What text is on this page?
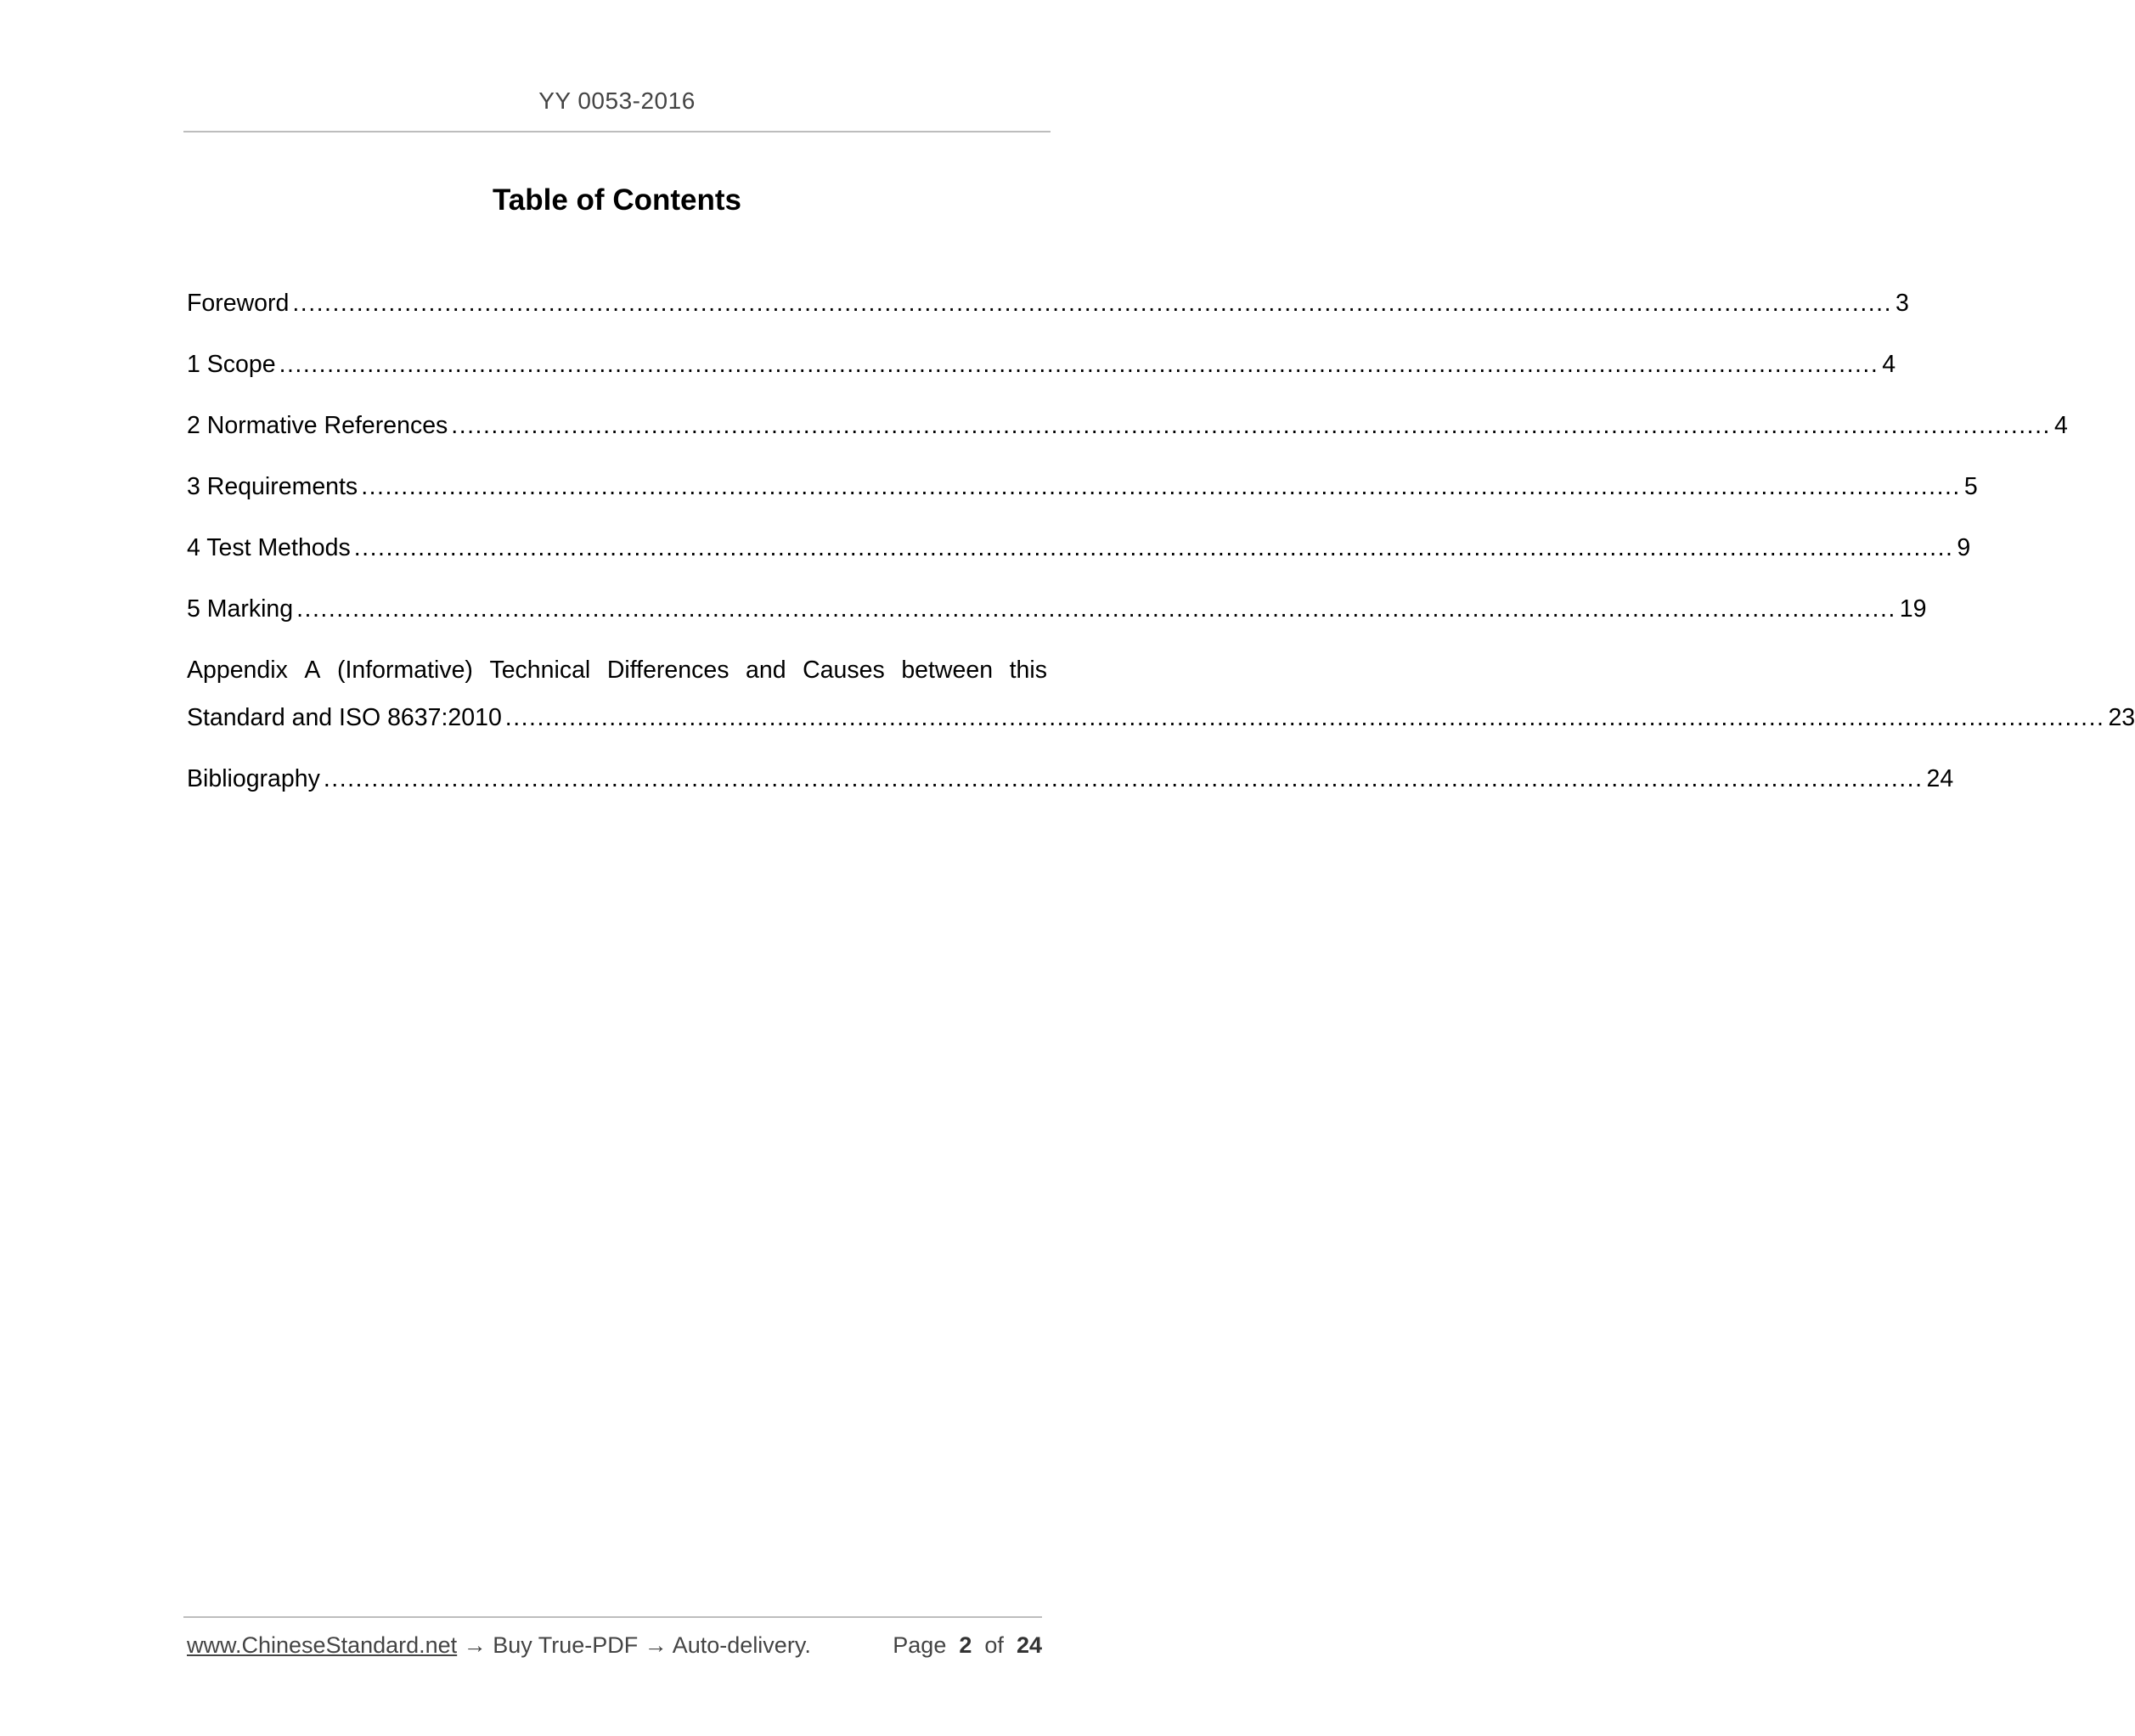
YY 0053-2016
Table of Contents
Foreword ........................................................................................................................................................................................................ 3
1 Scope ........................................................................................................................................................................................................ 4
2 Normative References ........................................................................................................................................................................................................ 4
3 Requirements ........................................................................................................................................................................................................ 5
4 Test Methods ........................................................................................................................................................................................................ 9
5 Marking ........................................................................................................................................................................................................ 19
Appendix A (Informative) Technical Differences and Causes between this
Standard and ISO 8637:2010 ........................................................................................................................................................................................................ 23
Bibliography ........................................................................................................................................................................................................ 24
www.ChineseStandard.net → Buy True-PDF → Auto-delivery.	Page 2 of 24
